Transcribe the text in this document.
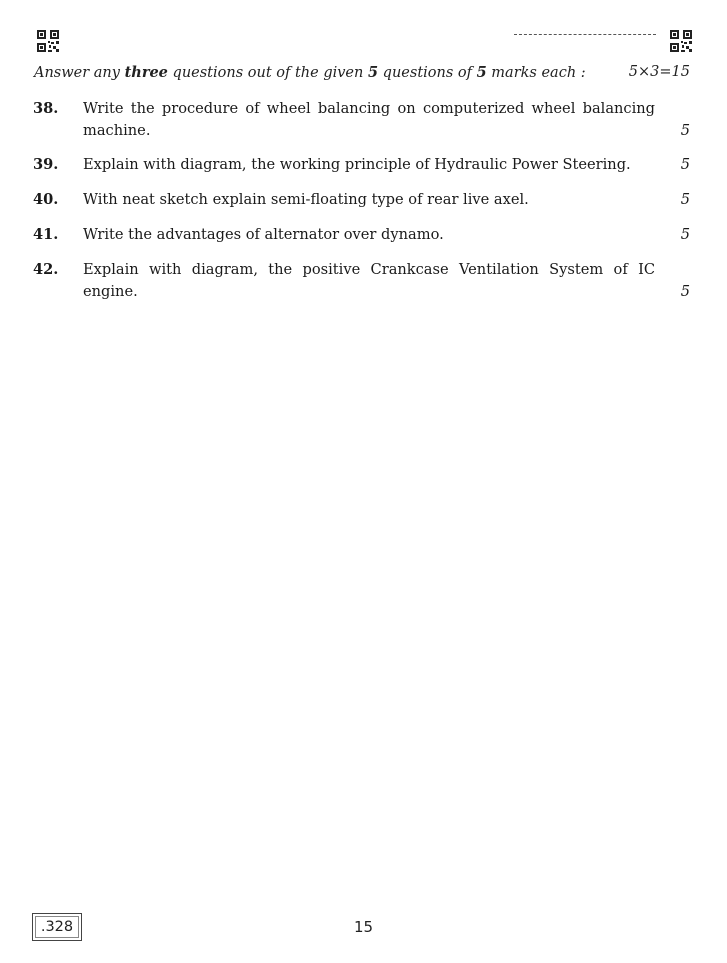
Answer any three questions out of the given 5 questions of 5 marks each :	5×3=15
38. Write the procedure of wheel balancing on computerized wheel balancing machine.	5
39. Explain with diagram, the working principle of Hydraulic Power Steering.	5
40. With neat sketch explain semi-floating type of rear live axel.	5
41. Write the advantages of alternator over dynamo.	5
42. Explain with diagram, the positive Crankcase Ventilation System of IC engine.	5
.328	15
